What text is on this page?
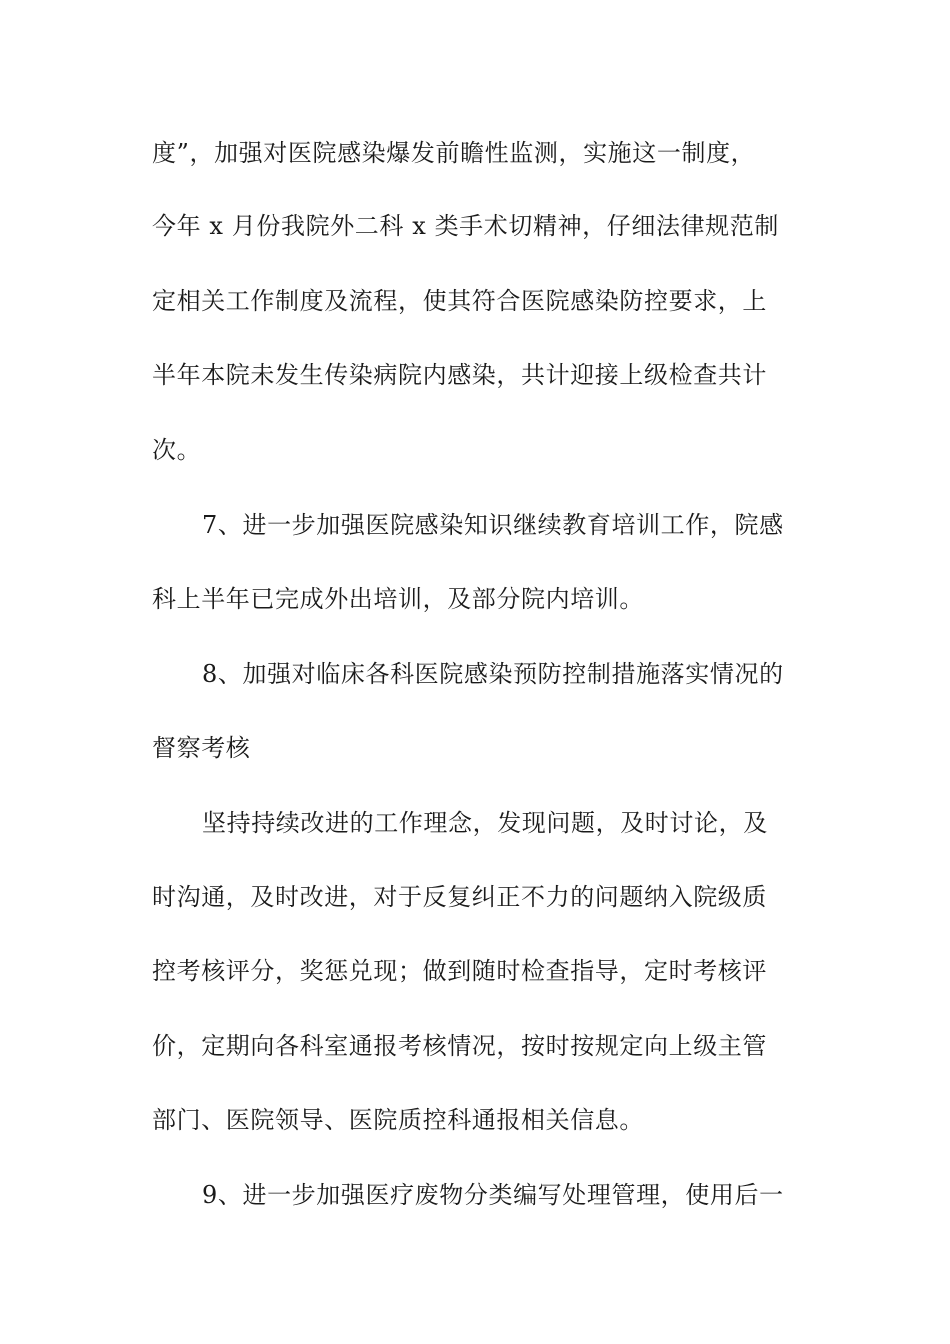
度”，加强对医院感染爆发前瞻性监测，实施这一制度，
今年 x 月份我院外二科 x 类手术切精神，仔细法律规范制
定相关工作制度及流程，使其符合医院感染防控要求，上
半年本院未发生传染病院内感染，共计迎接上级检查共计
次。
7、进一步加强医院感染知识继续教育培训工作，院感
科上半年已完成外出培训，及部分院内培训。
8、加强对临床各科医院感染预防控制措施落实情况的
督察考核
坚持持续改进的工作理念，发现问题，及时讨论，及
时沟通，及时改进，对于反复纠正不力的问题纳入院级质
控考核评分，奖惩兑现；做到随时检查指导，定时考核评
价，定期向各科室通报考核情况，按时按规定向上级主管
部门、医院领导、医院质控科通报相关信息。
9、进一步加强医疗废物分类编写处理管理，使用后一
